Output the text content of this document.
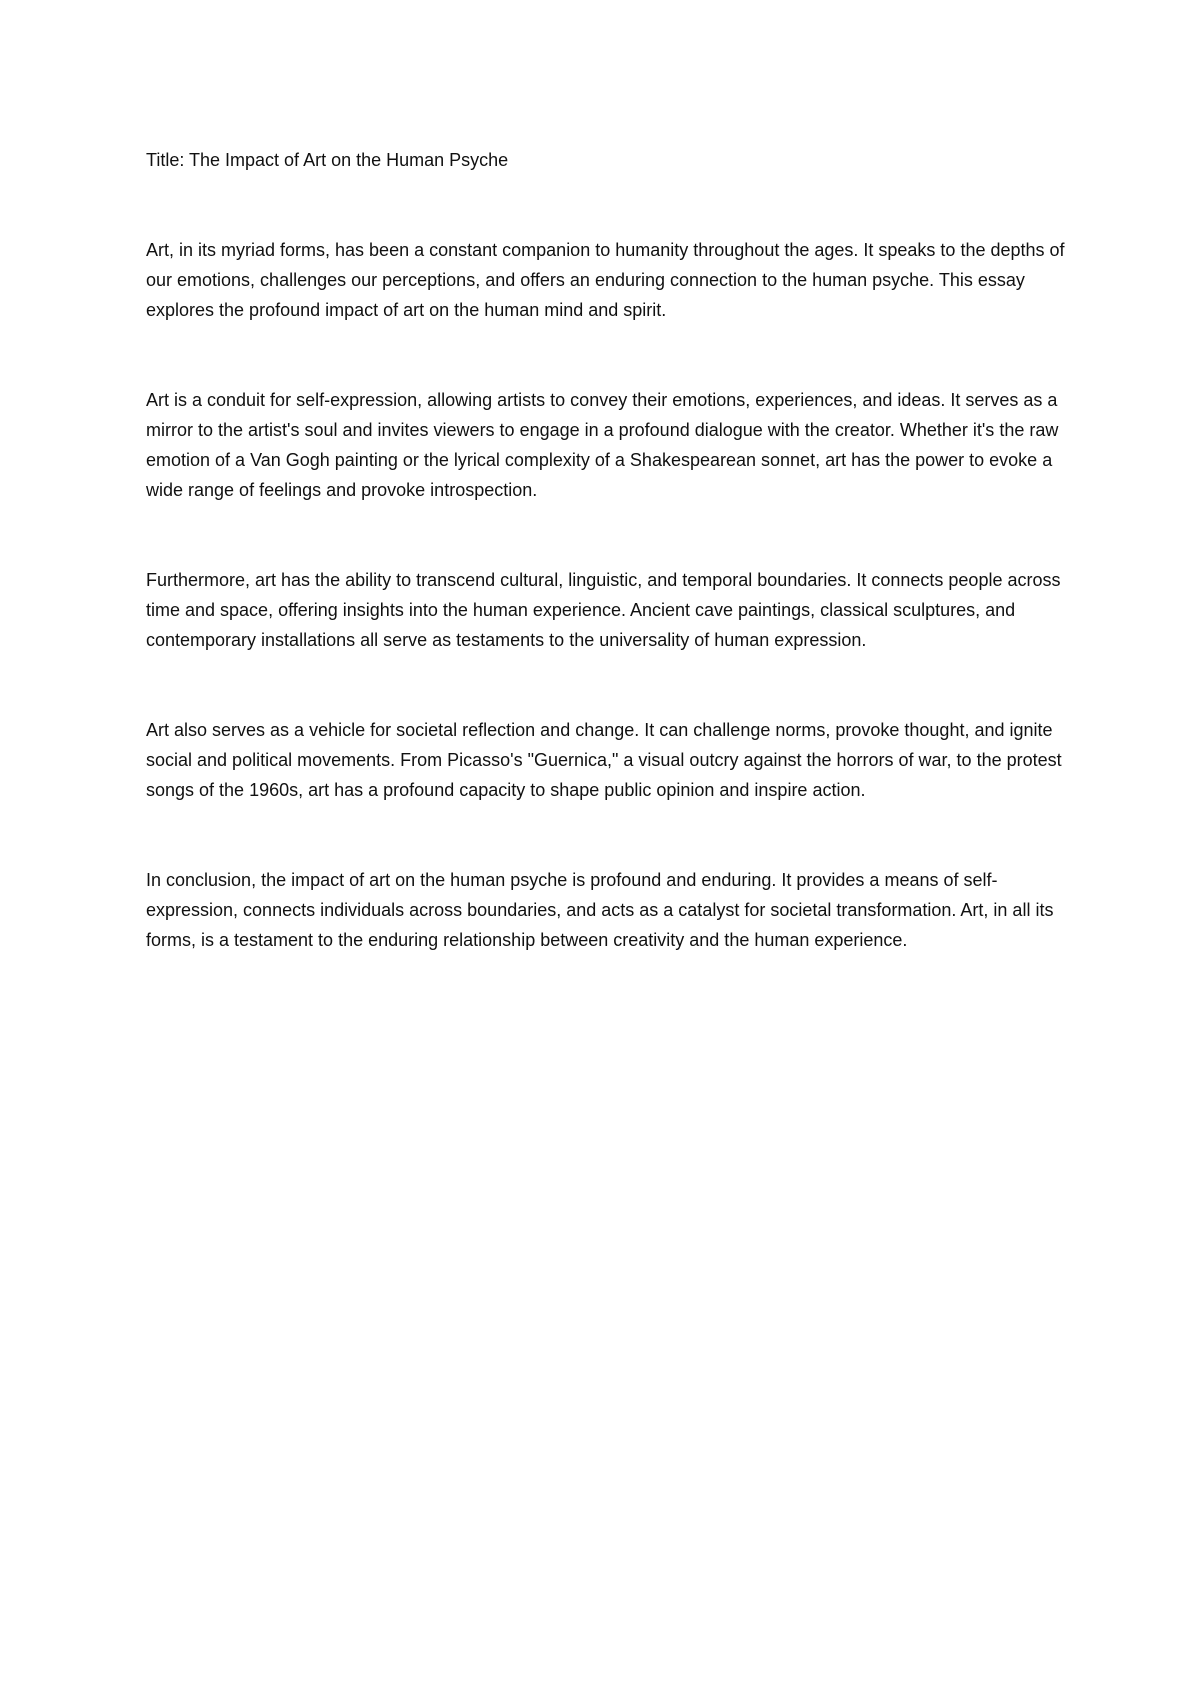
Title: The Impact of Art on the Human Psyche

Art, in its myriad forms, has been a constant companion to humanity throughout the ages. It speaks to the depths of our emotions, challenges our perceptions, and offers an enduring connection to the human psyche. This essay explores the profound impact of art on the human mind and spirit.

Art is a conduit for self-expression, allowing artists to convey their emotions, experiences, and ideas. It serves as a mirror to the artist's soul and invites viewers to engage in a profound dialogue with the creator. Whether it's the raw emotion of a Van Gogh painting or the lyrical complexity of a Shakespearean sonnet, art has the power to evoke a wide range of feelings and provoke introspection.

Furthermore, art has the ability to transcend cultural, linguistic, and temporal boundaries. It connects people across time and space, offering insights into the human experience. Ancient cave paintings, classical sculptures, and contemporary installations all serve as testaments to the universality of human expression.

Art also serves as a vehicle for societal reflection and change. It can challenge norms, provoke thought, and ignite social and political movements. From Picasso's "Guernica," a visual outcry against the horrors of war, to the protest songs of the 1960s, art has a profound capacity to shape public opinion and inspire action.

In conclusion, the impact of art on the human psyche is profound and enduring. It provides a means of self-expression, connects individuals across boundaries, and acts as a catalyst for societal transformation. Art, in all its forms, is a testament to the enduring relationship between creativity and the human experience.
